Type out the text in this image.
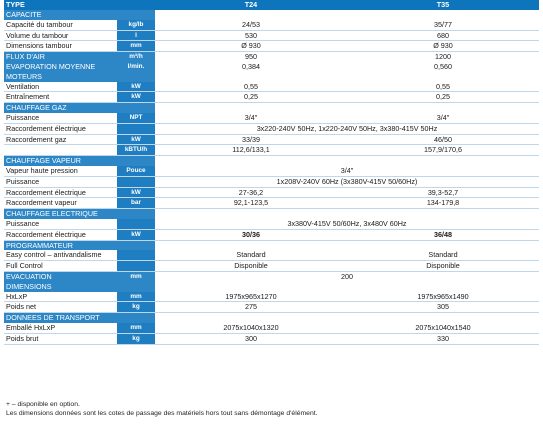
TYPE		T24	T35
CAPACITE			
Capacité du tambour	kg/lb	24/53	35/77
Volume du tambour	l	530	680
Dimensions tambour	mm	Ø 930	Ø 930
FLUX D'AIR	m³/h	950	1200
EVAPORATION MOYENNE	l/min.	0,384	0,560
MOTEURS			
Ventilation	kW	0,55	0,55
Entraînement	kW	0,25	0,25
CHAUFFAGE GAZ			
Puissance	NPT	3/4"	3/4"
Raccordement électrique		3x220-240V 50Hz, 1x220-240V 50Hz, 3x380-415V 50Hz	
Raccordement gaz	kW	33/39	46/50
	kBTU/h	112,6/133,1	157,9/170,6
CHAUFFAGE VAPEUR			
Vapeur haute pression	Pouce	3/4"	
Puissance		1x208V-240V 60Hz (3x380V-415V 50/60Hz)	
Raccordement électrique	kW	27-36,2	39,3-52,7
Raccordement vapeur	bar	92,1-123,5	134-179,8
CHAUFFAGE ELECTRIQUE			
Puissance		3x380V-415V 50/60Hz, 3x480V 60Hz	
Raccordement électrique	kW	30/36	36/48
PROGRAMMATEUR			
Easy control – antivandalisme		Standard	Standard
Full Control		Disponible	Disponible
EVACUATION	mm	200	
DIMENSIONS			
HxLxP	mm	1975x965x1270	1975x965x1490
Poids net	kg	275	305
DONNEES DE TRANSPORT			
Emballé HxLxP	mm	2075x1040x1320	2075x1040x1540
Poids brut	kg	300	330
+ – disponible en option.
Les dimensions données sont les cotes de passage des matériels hors tout sans démontage d'élément.
